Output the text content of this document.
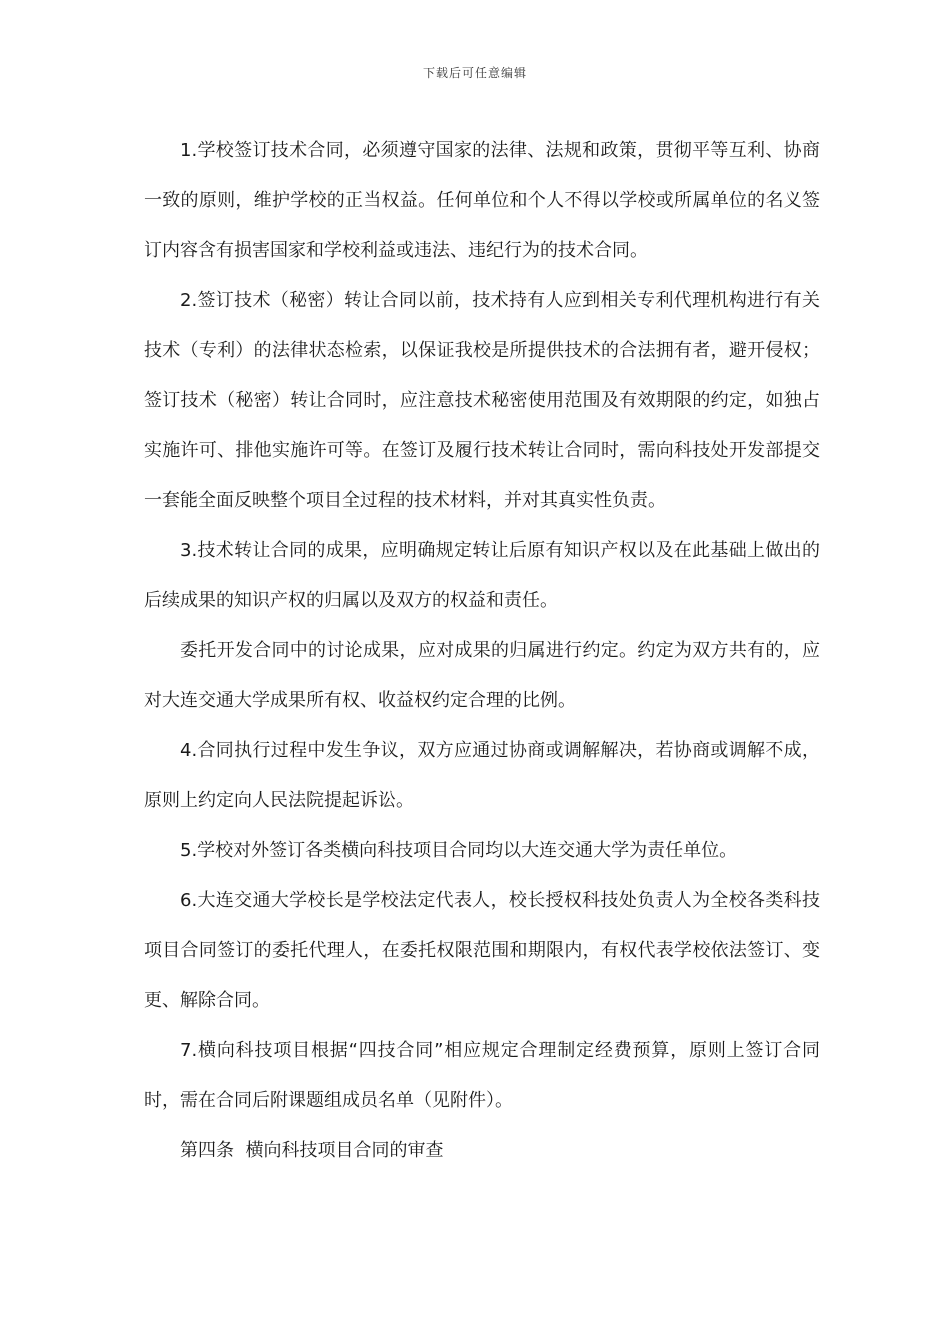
下载后可任意编辑

1.学校签订技术合同，必须遵守国家的法律、法规和政策，贯彻平等互利、协商一致的原则，维护学校的正当权益。任何单位和个人不得以学校或所属单位的名义签订内容含有损害国家和学校利益或违法、违纪行为的技术合同。

2.签订技术（秘密）转让合同以前，技术持有人应到相关专利代理机构进行有关技术（专利）的法律状态检索，以保证我校是所提供技术的合法拥有者，避开侵权；签订技术（秘密）转让合同时，应注意技术秘密使用范围及有效期限的约定，如独占实施许可、排他实施许可等。在签订及履行技术转让合同时，需向科技处开发部提交一套能全面反映整个项目全过程的技术材料，并对其真实性负责。

3.技术转让合同的成果，应明确规定转让后原有知识产权以及在此基础上做出的后续成果的知识产权的归属以及双方的权益和责任。

委托开发合同中的讨论成果，应对成果的归属进行约定。约定为双方共有的，应对大连交通大学成果所有权、收益权约定合理的比例。

4.合同执行过程中发生争议，双方应通过协商或调解解决，若协商或调解不成，原则上约定向人民法院提起诉讼。

5.学校对外签订各类横向科技项目合同均以大连交通大学为责任单位。

6.大连交通大学校长是学校法定代表人，校长授权科技处负责人为全校各类科技项目合同签订的委托代理人，在委托权限范围和期限内，有权代表学校依法签订、变更、解除合同。

7.横向科技项目根据“四技合同”相应规定合理制定经费预算，原则上签订合同时，需在合同后附课题组成员名单（见附件）。

第四条  横向科技项目合同的审查
